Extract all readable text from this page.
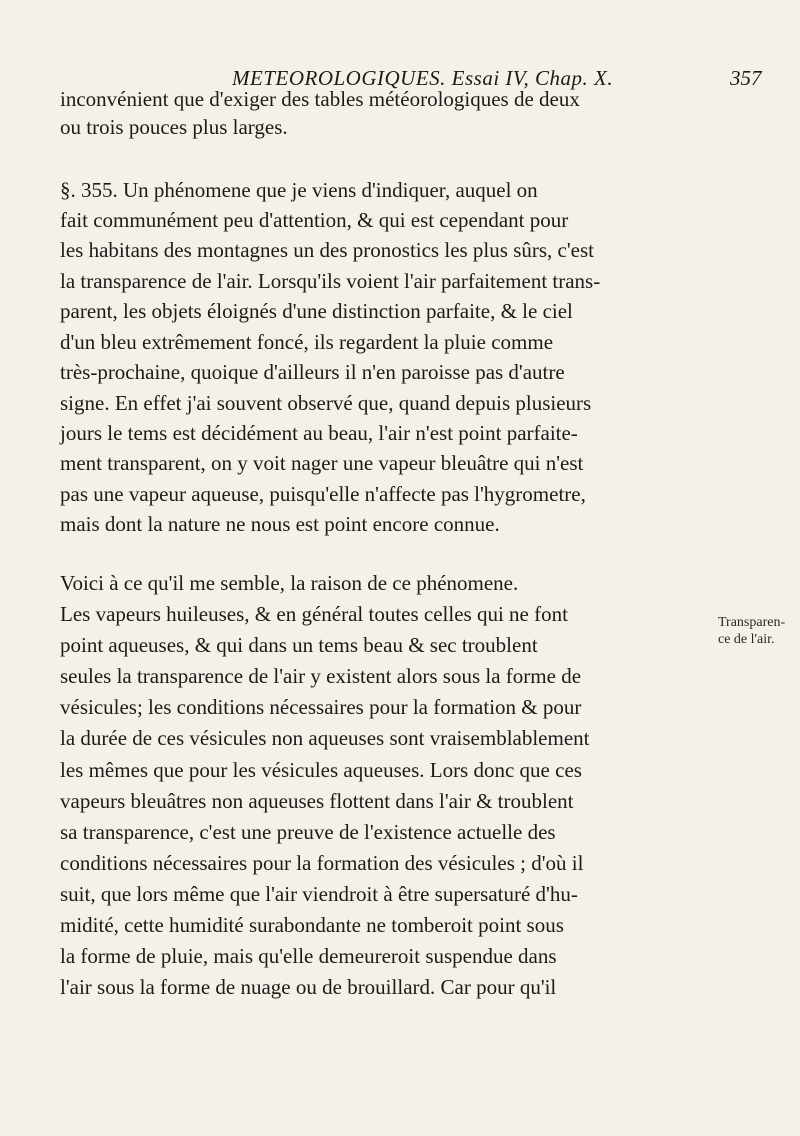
METEOROLOGIQUES. Essai IV, Chap. X.	357
Transparen-
ce de l'air.
inconvénient que d'exiger des tables météorologiques de deux
ou trois pouces plus larges.
§. 355. Un phénomene que je viens d'indiquer, auquel on
fait communément peu d'attention, & qui est cependant pour
les habitans des montagnes un des pronostics les plus sûrs, c'est
la transparence de l'air. Lorsqu'ils voient l'air parfaitement trans-
parent, les objets éloignés d'une distinction parfaite, & le ciel
d'un bleu extrêmement foncé, ils regardent la pluie comme
très-prochaine, quoique d'ailleurs il n'en paroisse pas d'autre
signe. En effet j'ai souvent observé que, quand depuis plusieurs
jours le tems est décidément au beau, l'air n'est point parfaite-
ment transparent, on y voit nager une vapeur bleuâtre qui n'est
pas une vapeur aqueuse, puisqu'elle n'affecte pas l'hygrometre,
mais dont la nature ne nous est point encore connue.
Voici à ce qu'il me semble, la raison de ce phénomene.
Les vapeurs huileuses, & en général toutes celles qui ne font
point aqueuses, & qui dans un tems beau & sec troublent
seules la transparence de l'air y existent alors sous la forme de
vésicules; les conditions nécessaires pour la formation & pour
la durée de ces vésicules non aqueuses sont vraisemblablement
les mêmes que pour les vésicules aqueuses. Lors donc que ces
vapeurs bleuâtres non aqueuses flottent dans l'air & troublent
sa transparence, c'est une preuve de l'existence actuelle des
conditions nécessaires pour la formation des vésicules ; d'où il
suit, que lors même que l'air viendroit à être supersaturé d'hu-
midité, cette humidité surabondante ne tomberoit point sous
la forme de pluie, mais qu'elle demeureroit suspendue dans
l'air sous la forme de nuage ou de brouillard. Car pour qu'il
